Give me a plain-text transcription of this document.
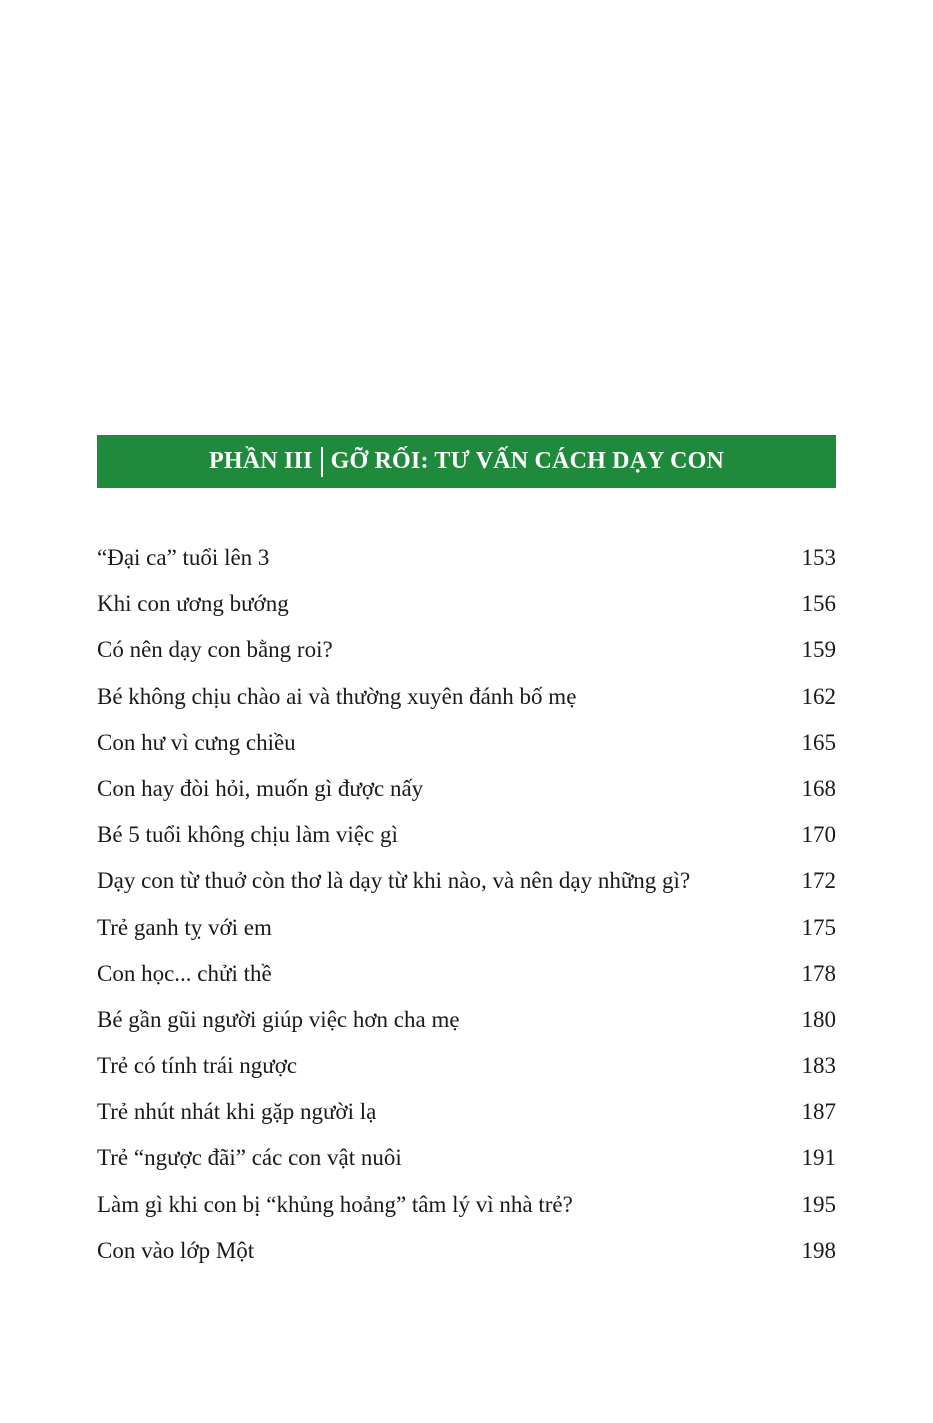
PHẦN III GỠ RỐI: TƯ VẤN CÁCH DẠY CON
“Đại ca” tuổi lên 3	153
Khi con ương bướng	156
Có nên dạy con bằng roi?	159
Bé không chịu chào ai và thường xuyên đánh bố mẹ	162
Con hư vì cưng chiều	165
Con hay đòi hỏi, muốn gì được nấy	168
Bé 5 tuổi không chịu làm việc gì	170
Dạy con từ thuở còn thơ là dạy từ khi nào, và nên dạy những gì?	172
Trẻ ganh tỵ với em	175
Con học... chửi thề	178
Bé gần gũi người giúp việc hơn cha mẹ	180
Trẻ có tính trái ngược	183
Trẻ nhút nhát khi gặp người lạ	187
Trẻ “ngược đãi” các con vật nuôi	191
Làm gì khi con bị “khủng hoảng” tâm lý vì nhà trẻ?	195
Con vào lớp Một	198
